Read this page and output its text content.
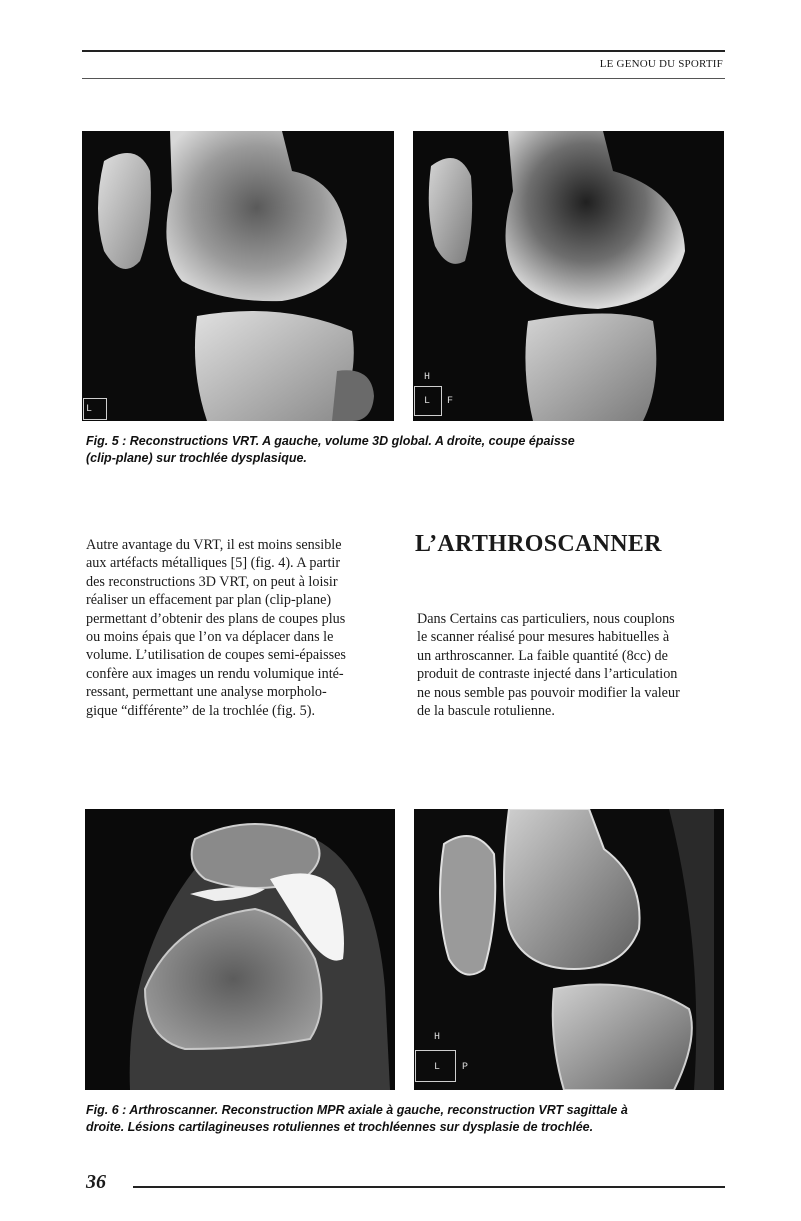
LE GENOU DU SPORTIF
L
H
L F
Fig. 5 : Reconstructions VRT. A gauche, volume 3D global. A droite, coupe épaisse
(clip-plane) sur trochlée dysplasique.
Autre avantage du VRT, il est moins sensible
aux artéfacts métalliques [5] (fig. 4). A partir
des reconstructions 3D VRT, on peut à loisir
réaliser un effacement par plan (clip-plane)
permettant d’obtenir des plans de coupes plus
ou moins épais que l’on va déplacer dans le
volume. L’utilisation de coupes semi-épaisses
confère aux images un rendu volumique inté-
ressant, permettant une analyse morpholo-
gique “différente” de la trochlée (fig. 5).
L’ARTHROSCANNER
Dans Certains cas particuliers, nous couplons
le scanner réalisé pour mesures habituelles à
un arthroscanner. La faible quantité (8cc) de
produit de contraste injecté dans l’articulation
ne nous semble pas pouvoir modifier la valeur
de la bascule rotulienne.
H
L P
Fig. 6 : Arthroscanner. Reconstruction MPR axiale à gauche, reconstruction VRT sagittale à
droite. Lésions cartilagineuses rotuliennes et trochléennes sur dysplasie de trochlée.
36
